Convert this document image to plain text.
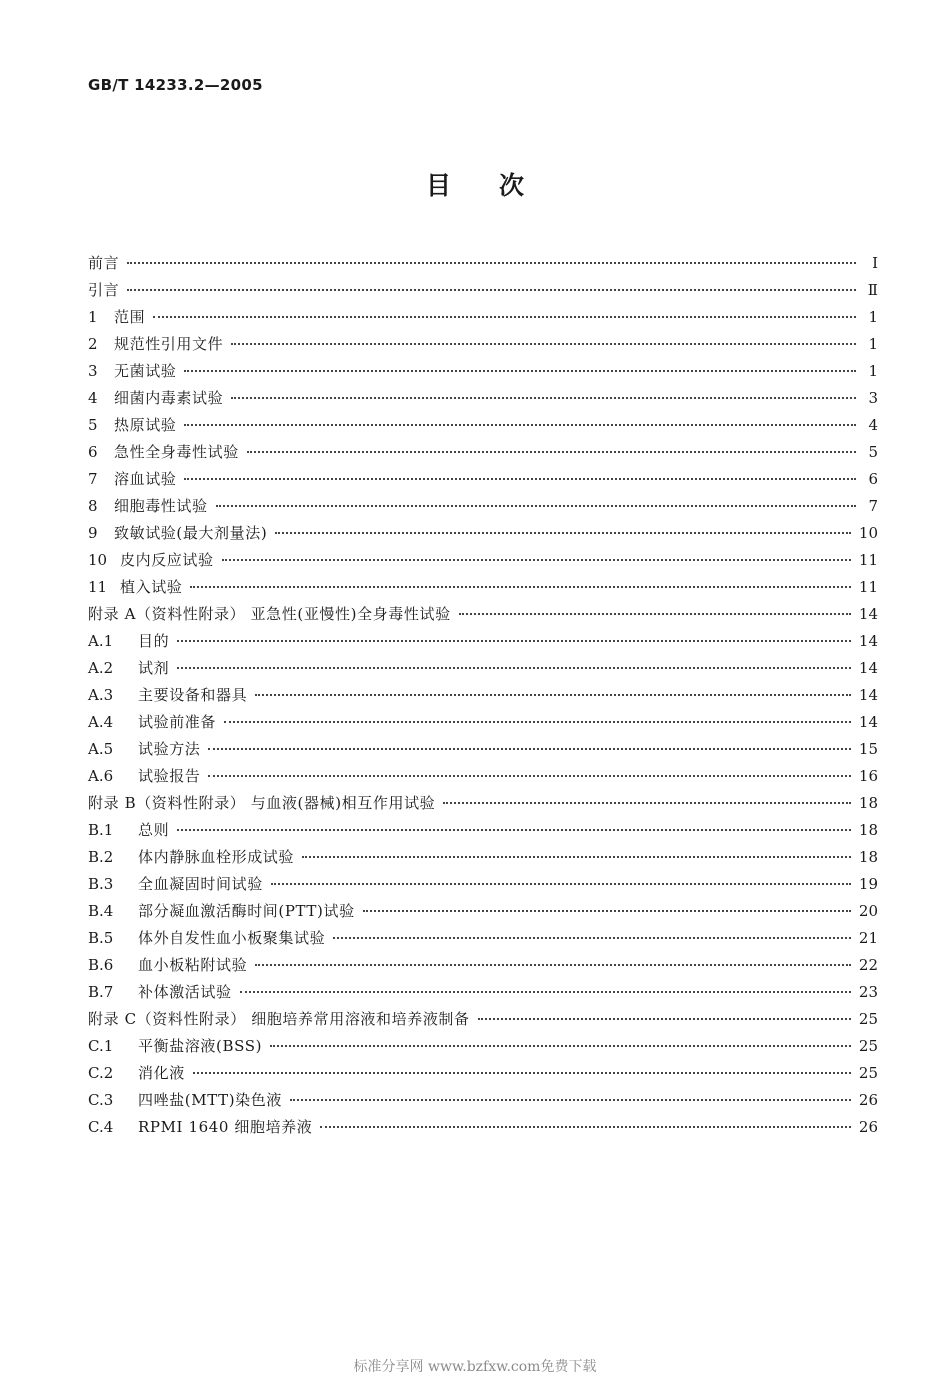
GB/T 14233.2—2005
目次
前言	I
引言	Ⅱ
1	范围	1
2	规范性引用文件	1
3	无菌试验	1
4	细菌内毒素试验	3
5	热原试验	4
6	急性全身毒性试验	5
7	溶血试验	6
8	细胞毒性试验	7
9	致敏试验(最大剂量法)	10
10 皮内反应试验	11
11 植入试验	11
附录 A（资料性附录） 亚急性(亚慢性)全身毒性试验	14
A.1	目的	14
A.2	试剂	14
A.3	主要设备和器具	14
A.4	试验前准备	14
A.5	试验方法	15
A.6	试验报告	16
附录 B（资料性附录） 与血液(器械)相互作用试验	18
B.1	总则	18
B.2	体内静脉血栓形成试验	18
B.3	全血凝固时间试验	19
B.4	部分凝血激活酶时间(PTT)试验	20
B.5	体外自发性血小板聚集试验	21
B.6	血小板粘附试验	22
B.7	补体激活试验	23
附录 C（资料性附录） 细胞培养常用溶液和培养液制备	25
C.1	平衡盐溶液(BSS)	25
C.2	消化液	25
C.3	四唑盐(MTT)染色液	26
C.4	RPMI 1640 细胞培养液	26
标准分享网 www.bzfxw.com免费下载
